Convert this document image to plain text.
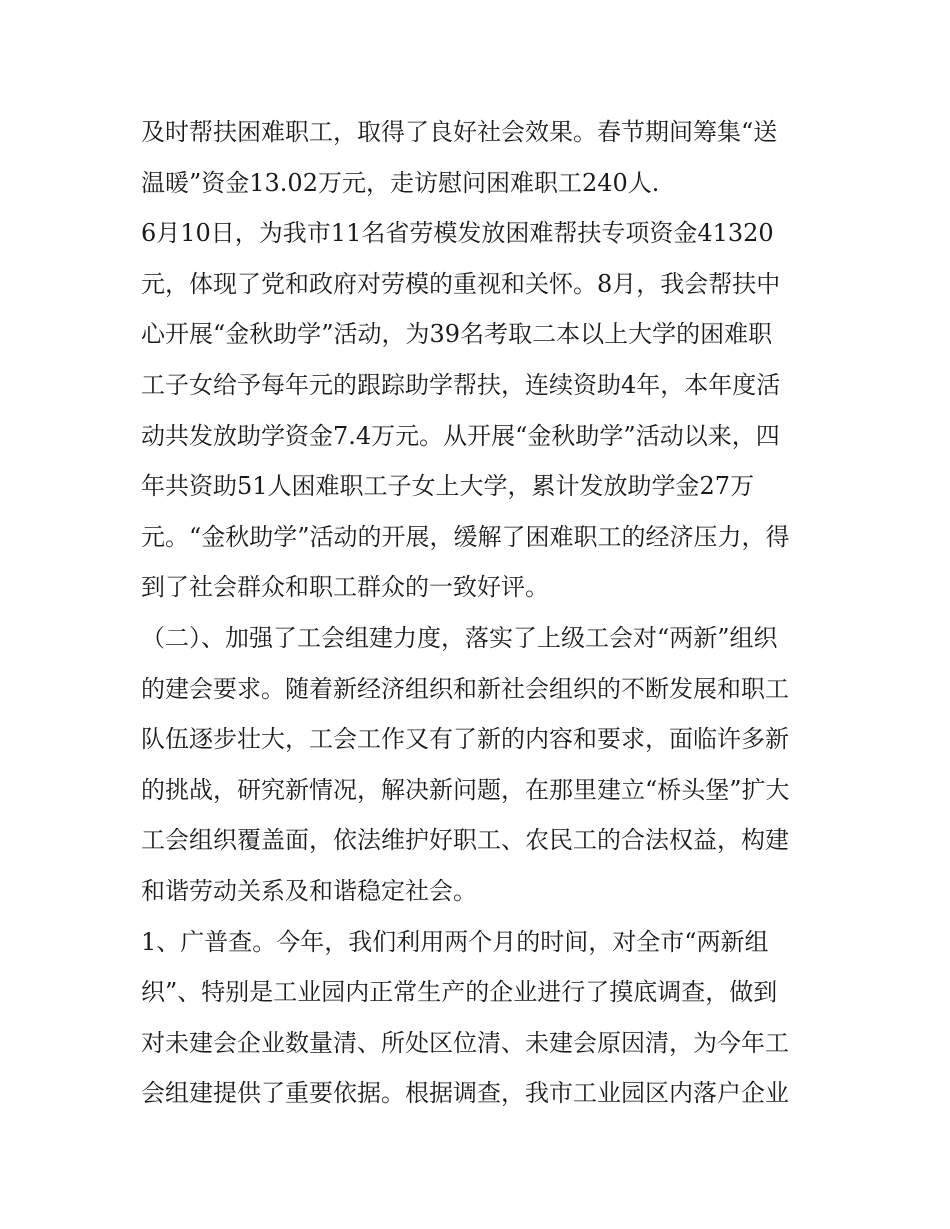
及时帮扶困难职工，取得了良好社会效果。春节期间筹集“送
温暖”资金13.02万元，走访慰问困难职工240人.
6月10日，为我市11名省劳模发放困难帮扶专项资金41320
元，体现了党和政府对劳模的重视和关怀。8月，我会帮扶中
心开展“金秋助学”活动，为39名考取二本以上大学的困难职
工子女给予每年元的跟踪助学帮扶，连续资助4年，本年度活
动共发放助学资金7.4万元。从开展“金秋助学”活动以来，四
年共资助51人困难职工子女上大学，累计发放助学金27万
元。“金秋助学”活动的开展，缓解了困难职工的经济压力，得
到了社会群众和职工群众的一致好评。
（二）、加强了工会组建力度，落实了上级工会对“两新”组织
的建会要求。随着新经济组织和新社会组织的不断发展和职工
队伍逐步壮大，工会工作又有了新的内容和要求，面临许多新
的挑战，研究新情况，解决新问题，在那里建立“桥头堡”扩大
工会组织覆盖面，依法维护好职工、农民工的合法权益，构建
和谐劳动关系及和谐稳定社会。
1、广普查。今年，我们利用两个月的时间，对全市“两新组
织”、特别是工业园内正常生产的企业进行了摸底调查，做到
对未建会企业数量清、所处区位清、未建会原因清，为今年工
会组建提供了重要依据。根据调查，我市工业园区内落户企业
